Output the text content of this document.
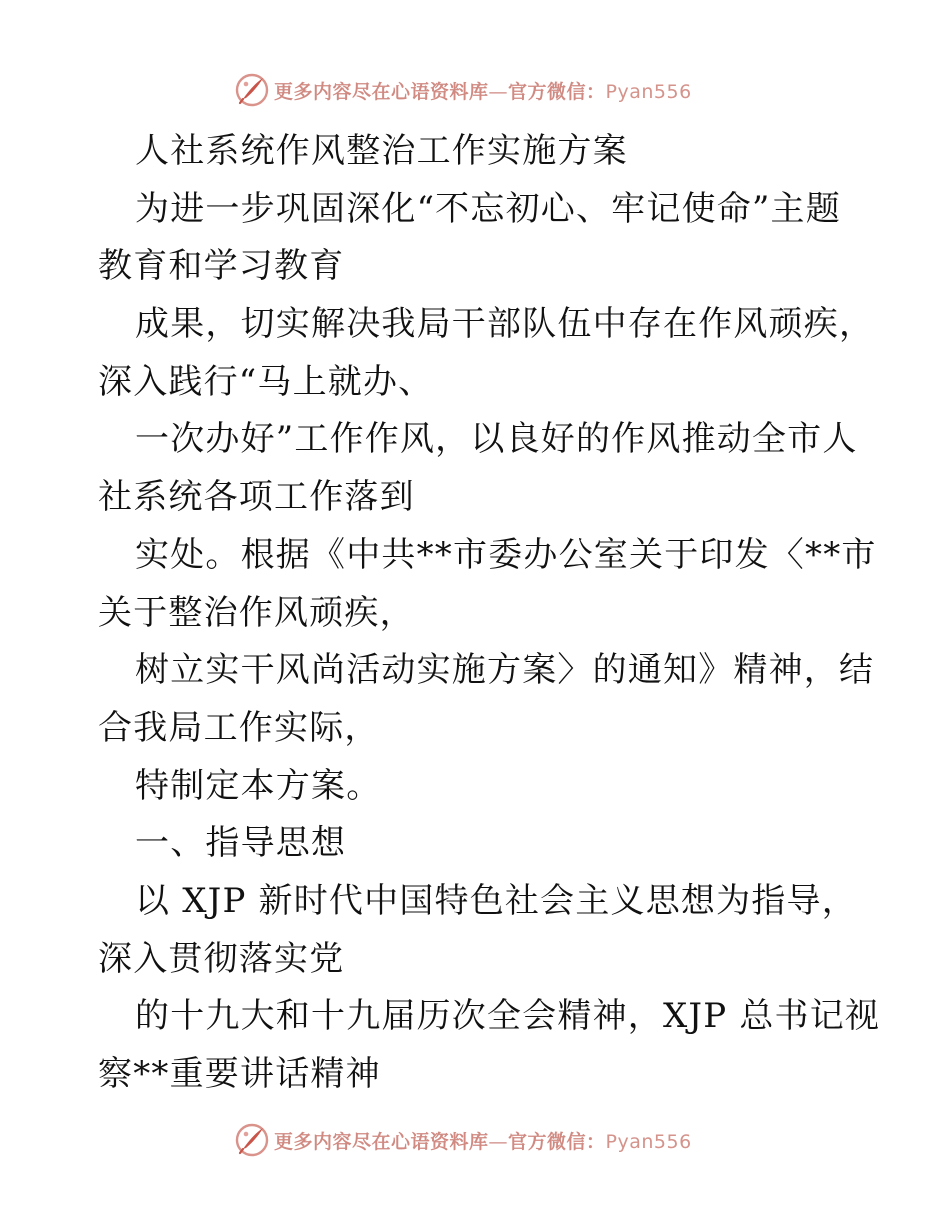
更多内容尽在心语资料库—官方微信：Pyan556
人社系统作风整治工作实施方案
为进一步巩固深化“不忘初心、牢记使命”主题
教育和学习教育
成果，切实解决我局干部队伍中存在作风顽疾，
深入践行“马上就办、
一次办好”工作作风，以良好的作风推动全市人
社系统各项工作落到
实处。根据《中共**市委办公室关于印发〈**市
关于整治作风顽疾，
树立实干风尚活动实施方案〉的通知》精神，结
合我局工作实际，
特制定本方案。
一、指导思想
以 XJP 新时代中国特色社会主义思想为指导，
深入贯彻落实党
的十九大和十九届历次全会精神，XJP 总书记视
察**重要讲话精神
更多内容尽在心语资料库—官方微信：Pyan556
